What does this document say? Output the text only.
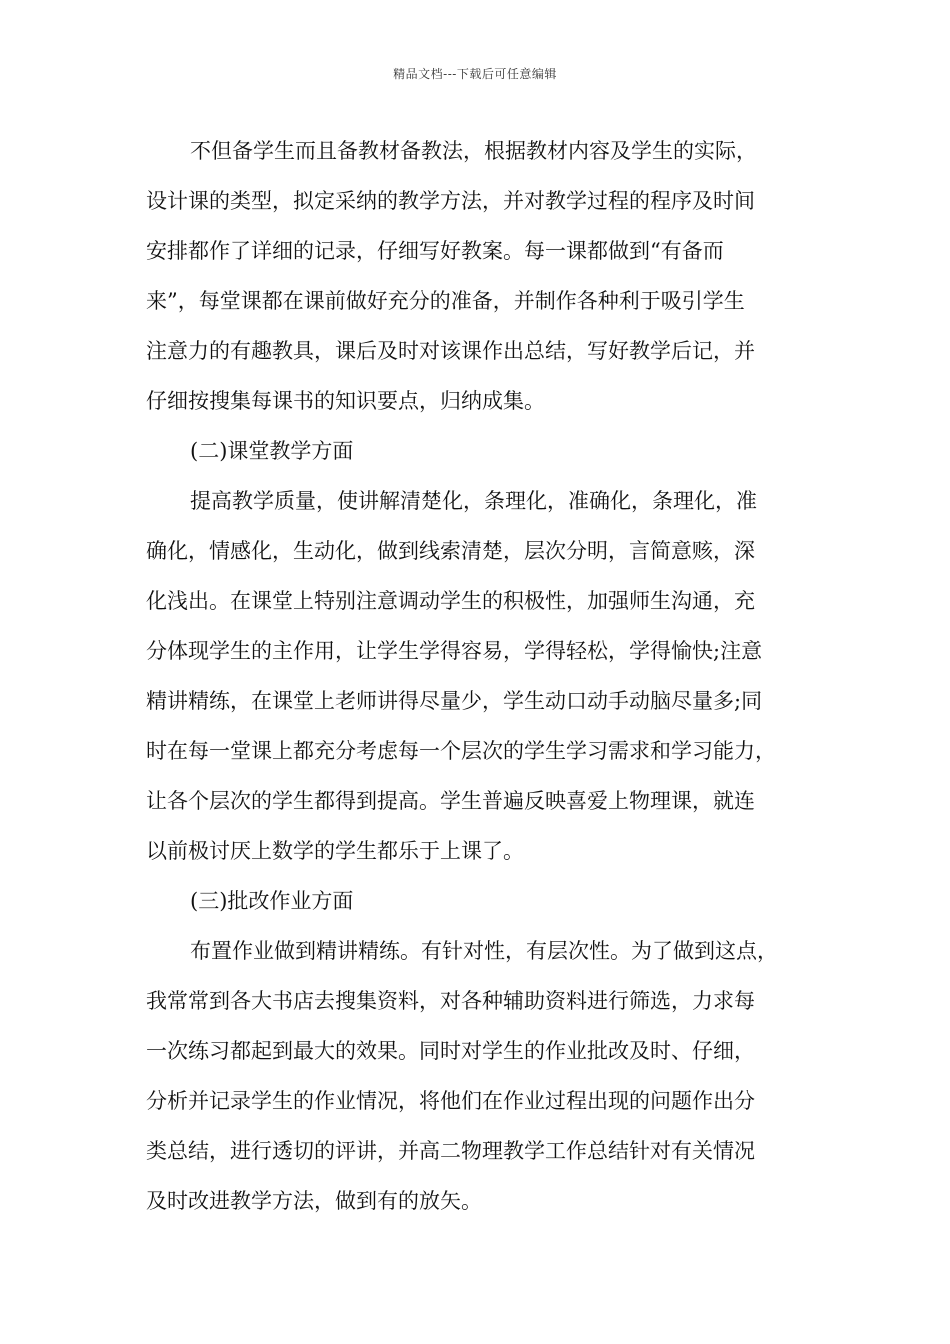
精品文档---下载后可任意编辑
不但备学生而且备教材备教法，根据教材内容及学生的实际，
设计课的类型，拟定采纳的教学方法，并对教学过程的程序及时间
安排都作了详细的记录，仔细写好教案。每一课都做到“有备而
来”，每堂课都在课前做好充分的准备，并制作各种利于吸引学生
注意力的有趣教具，课后及时对该课作出总结，写好教学后记，并
仔细按搜集每课书的知识要点，归纳成集。
(二)课堂教学方面
提高教学质量，使讲解清楚化，条理化，准确化，条理化，准
确化，情感化，生动化，做到线索清楚，层次分明，言简意赅，深
化浅出。在课堂上特别注意调动学生的积极性，加强师生沟通，充
分体现学生的主作用，让学生学得容易，学得轻松，学得愉快;注意
精讲精练，在课堂上老师讲得尽量少，学生动口动手动脑尽量多;同
时在每一堂课上都充分考虑每一个层次的学生学习需求和学习能力，
让各个层次的学生都得到提高。学生普遍反映喜爱上物理课，就连
以前极讨厌上数学的学生都乐于上课了。
(三)批改作业方面
布置作业做到精讲精练。有针对性，有层次性。为了做到这点，
我常常到各大书店去搜集资料，对各种辅助资料进行筛选，力求每
一次练习都起到最大的效果。同时对学生的作业批改及时、仔细，
分析并记录学生的作业情况，将他们在作业过程出现的问题作出分
类总结，进行透切的评讲，并高二物理教学工作总结针对有关情况
及时改进教学方法，做到有的放矢。
